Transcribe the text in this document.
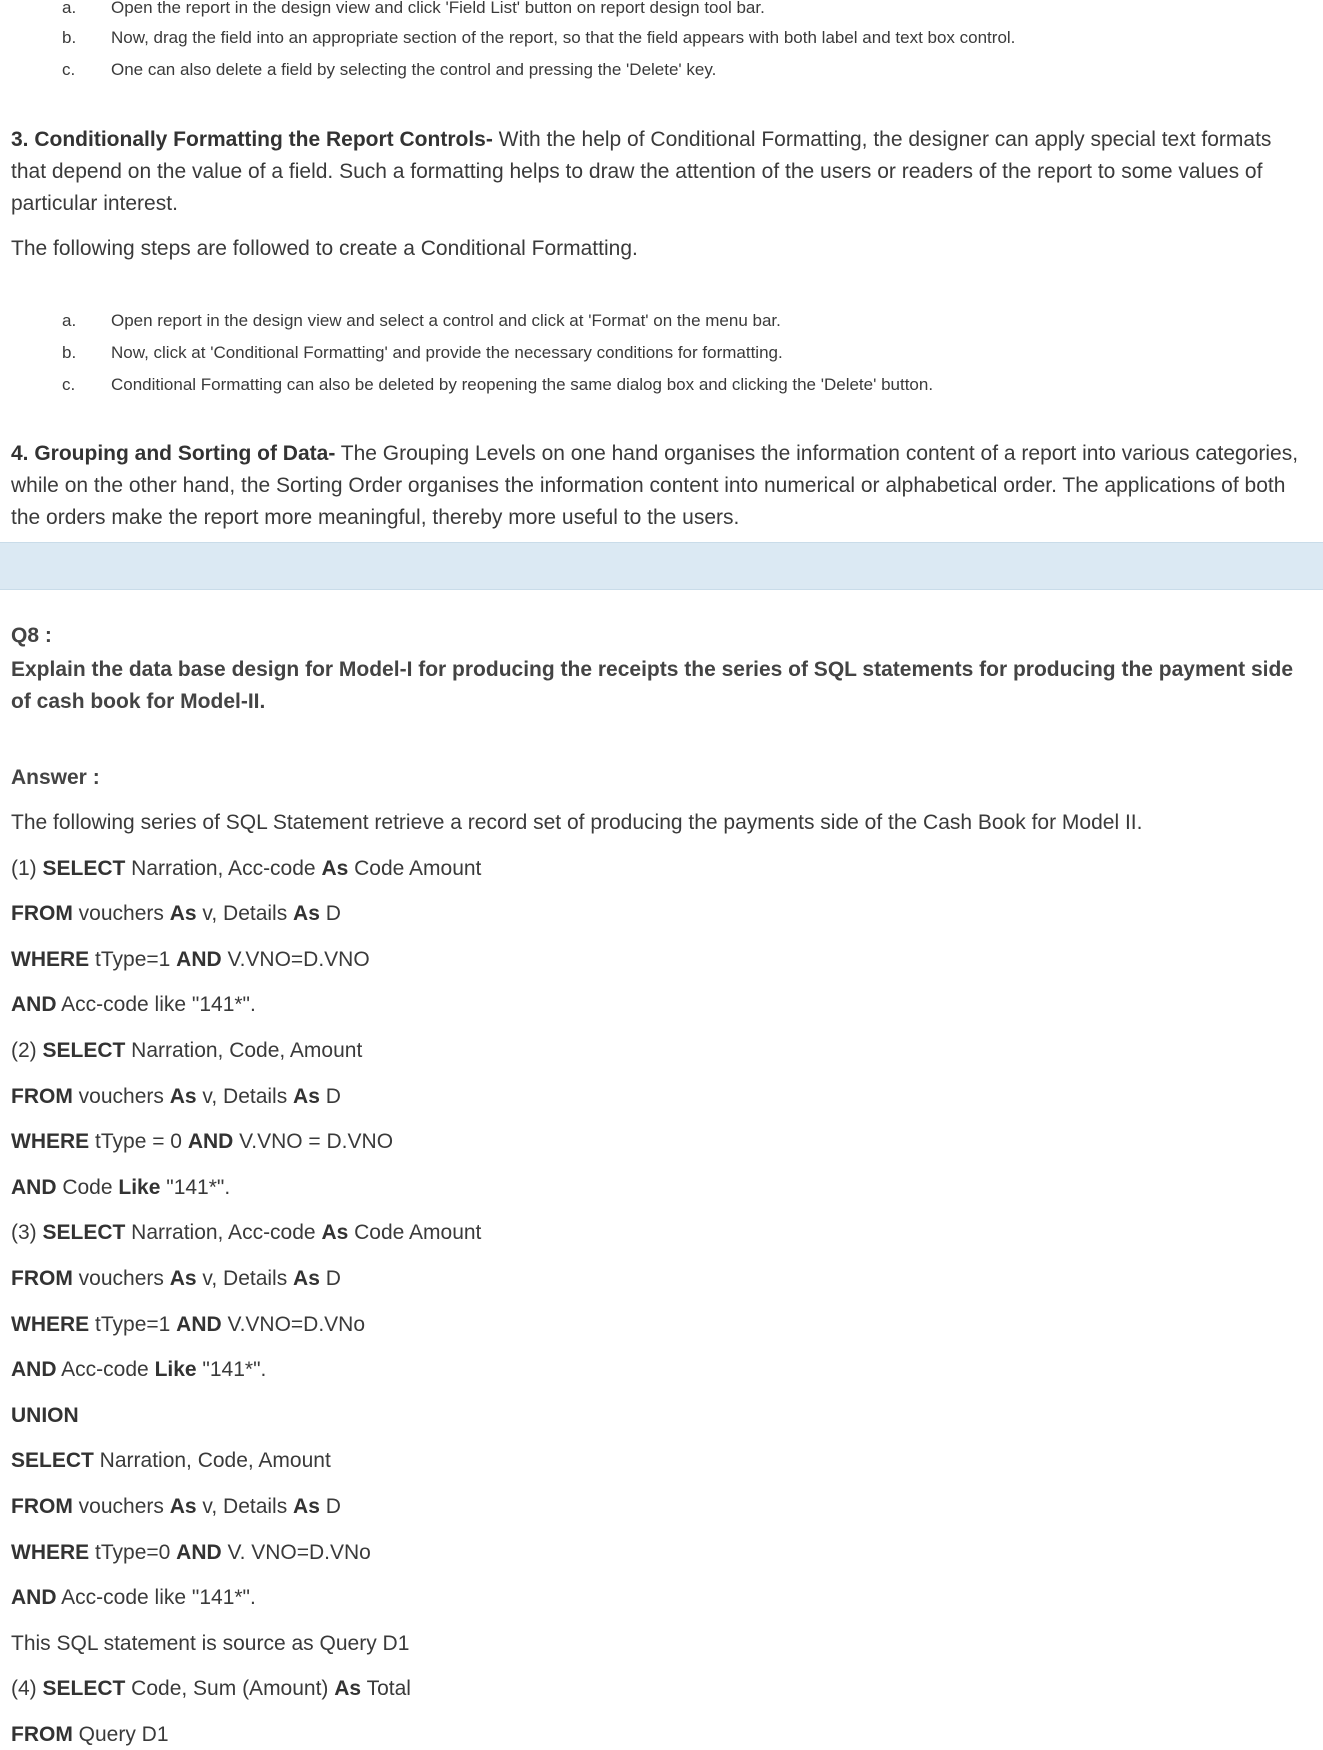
a.	Open the report in the design view and click 'Field List' button on report design tool bar.
b.	Now, drag the field into an appropriate section of the report, so that the field appears with both label and text box control.
c.	One can also delete a field by selecting the control and pressing the 'Delete' key.
3. Conditionally Formatting the Report Controls- With the help of Conditional Formatting, the designer can apply special text formats that depend on the value of a field. Such a formatting helps to draw the attention of the users or readers of the report to some values of particular interest.
The following steps are followed to create a Conditional Formatting.
a.	Open report in the design view and select a control and click at 'Format' on the menu bar.
b.	Now, click at 'Conditional Formatting' and provide the necessary conditions for formatting.
c.	Conditional Formatting can also be deleted by reopening the same dialog box and clicking the 'Delete' button.
4. Grouping and Sorting of Data- The Grouping Levels on one hand organises the information content of a report into various categories, while on the other hand, the Sorting Order organises the information content into numerical or alphabetical order. The applications of both the orders make the report more meaningful, thereby more useful to the users.
Q8 :
Explain the data base design for Model-I for producing the receipts the series of SQL statements for producing the payment side of cash book for Model-II.
Answer :
The following series of SQL Statement retrieve a record set of producing the payments side of the Cash Book for Model II.
(1) SELECT Narration, Acc-code As Code Amount
FROM vouchers As v, Details As D
WHERE tType=1 AND V.VNO=D.VNO
AND Acc-code like "141*".
(2) SELECT Narration, Code, Amount
FROM vouchers As v, Details As D
WHERE tType = 0 AND V.VNO = D.VNO
AND Code Like "141*".
(3) SELECT Narration, Acc-code As Code Amount
FROM vouchers As v, Details As D
WHERE tType=1 AND V.VNO=D.VNo
AND Acc-code Like "141*".
UNION
SELECT Narration, Code, Amount
FROM vouchers As v, Details As D
WHERE tType=0 AND V. VNO=D.VNo
AND Acc-code like "141*".
This SQL statement is source as Query D1
(4) SELECT Code, Sum (Amount) As Total
FROM Query D1
